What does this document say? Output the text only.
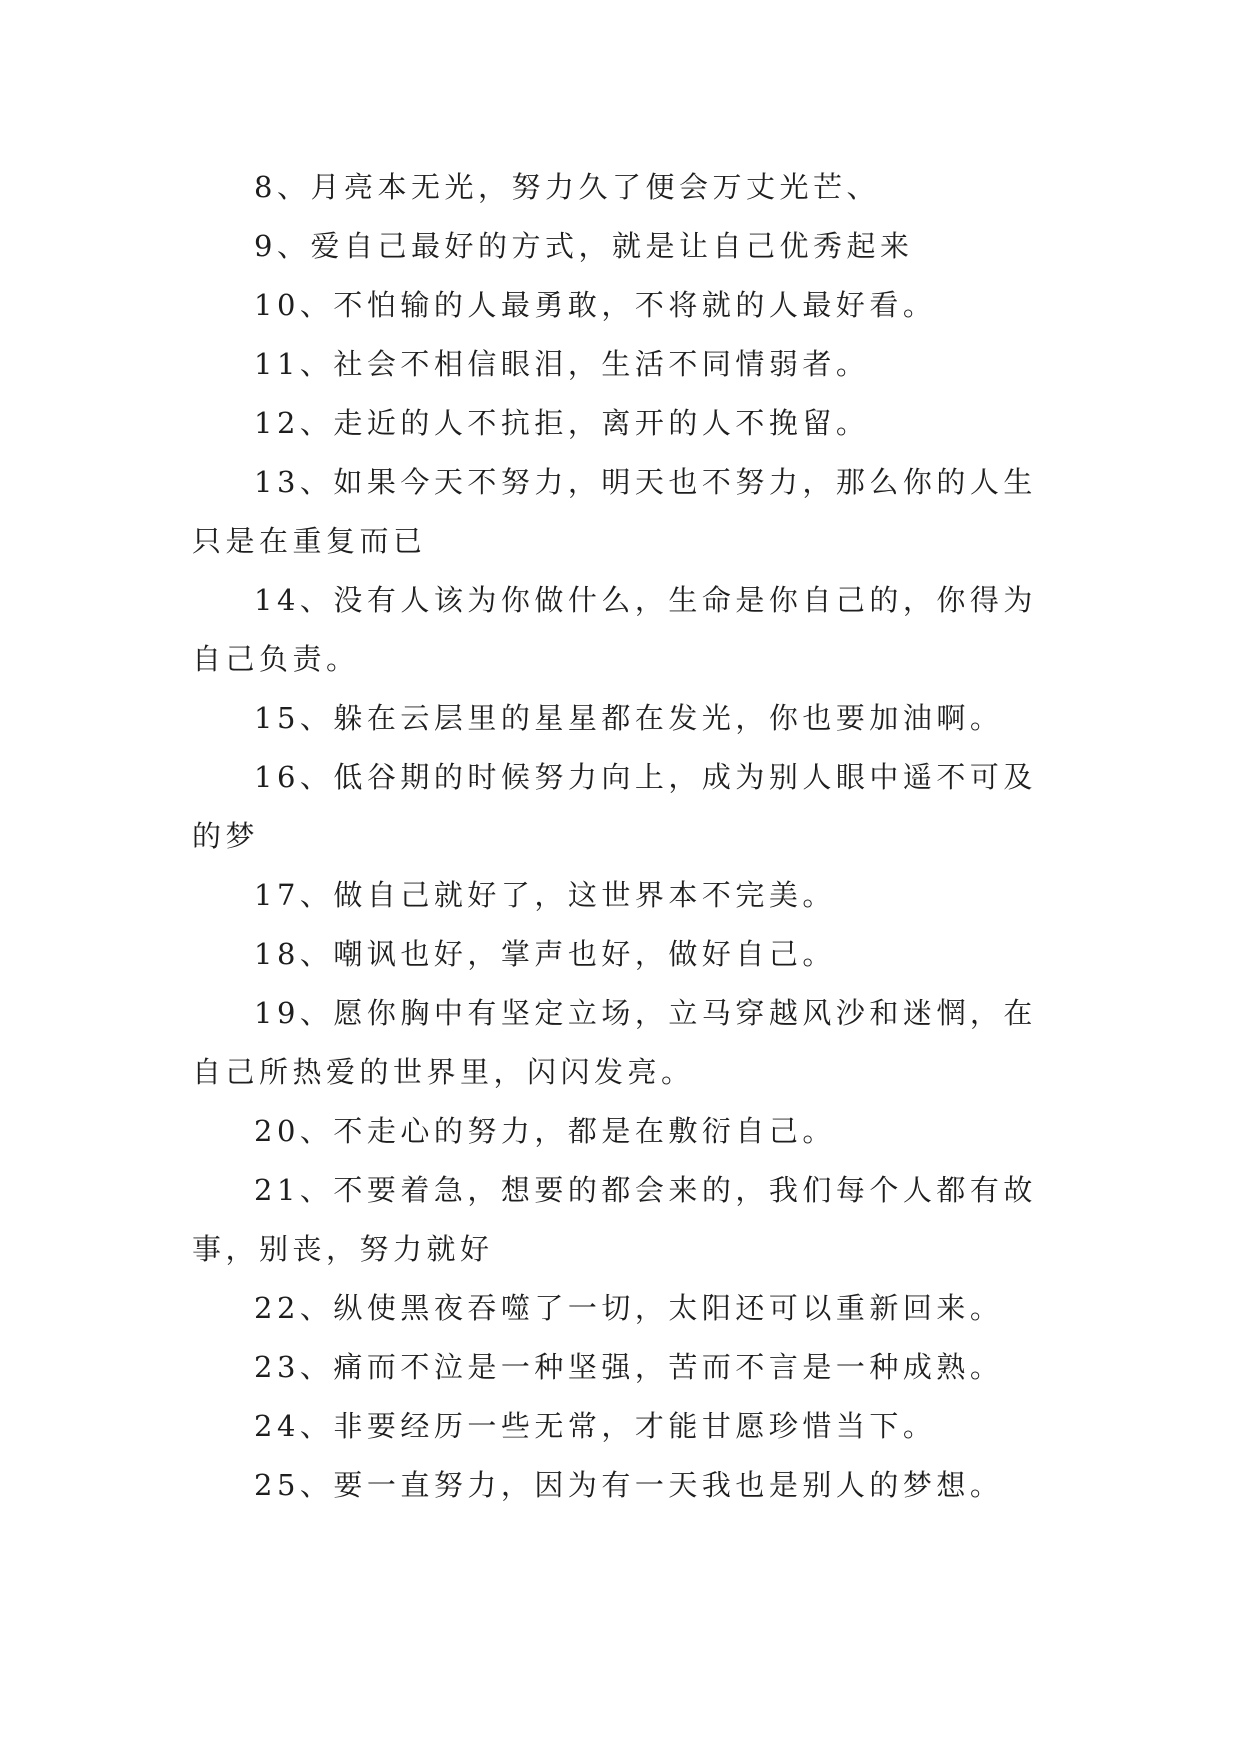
8、月亮本无光，努力久了便会万丈光芒、

9、爱自己最好的方式，就是让自己优秀起来

10、不怕输的人最勇敢，不将就的人最好看。

11、社会不相信眼泪，生活不同情弱者。

12、走近的人不抗拒，离开的人不挽留。

13、如果今天不努力，明天也不努力，那么你的人生只是在重复而已

14、没有人该为你做什么，生命是你自己的，你得为自己负责。

15、躲在云层里的星星都在发光，你也要加油啊。

16、低谷期的时候努力向上，成为别人眼中遥不可及的梦

17、做自己就好了，这世界本不完美。

18、嘲讽也好，掌声也好，做好自己。

19、愿你胸中有坚定立场，立马穿越风沙和迷惘，在自己所热爱的世界里，闪闪发亮。

20、不走心的努力，都是在敷衍自己。

21、不要着急，想要的都会来的，我们每个人都有故事，别丧，努力就好

22、纵使黑夜吞噬了一切，太阳还可以重新回来。

23、痛而不泣是一种坚强，苦而不言是一种成熟。

24、非要经历一些无常，才能甘愿珍惜当下。

25、要一直努力，因为有一天我也是别人的梦想。
